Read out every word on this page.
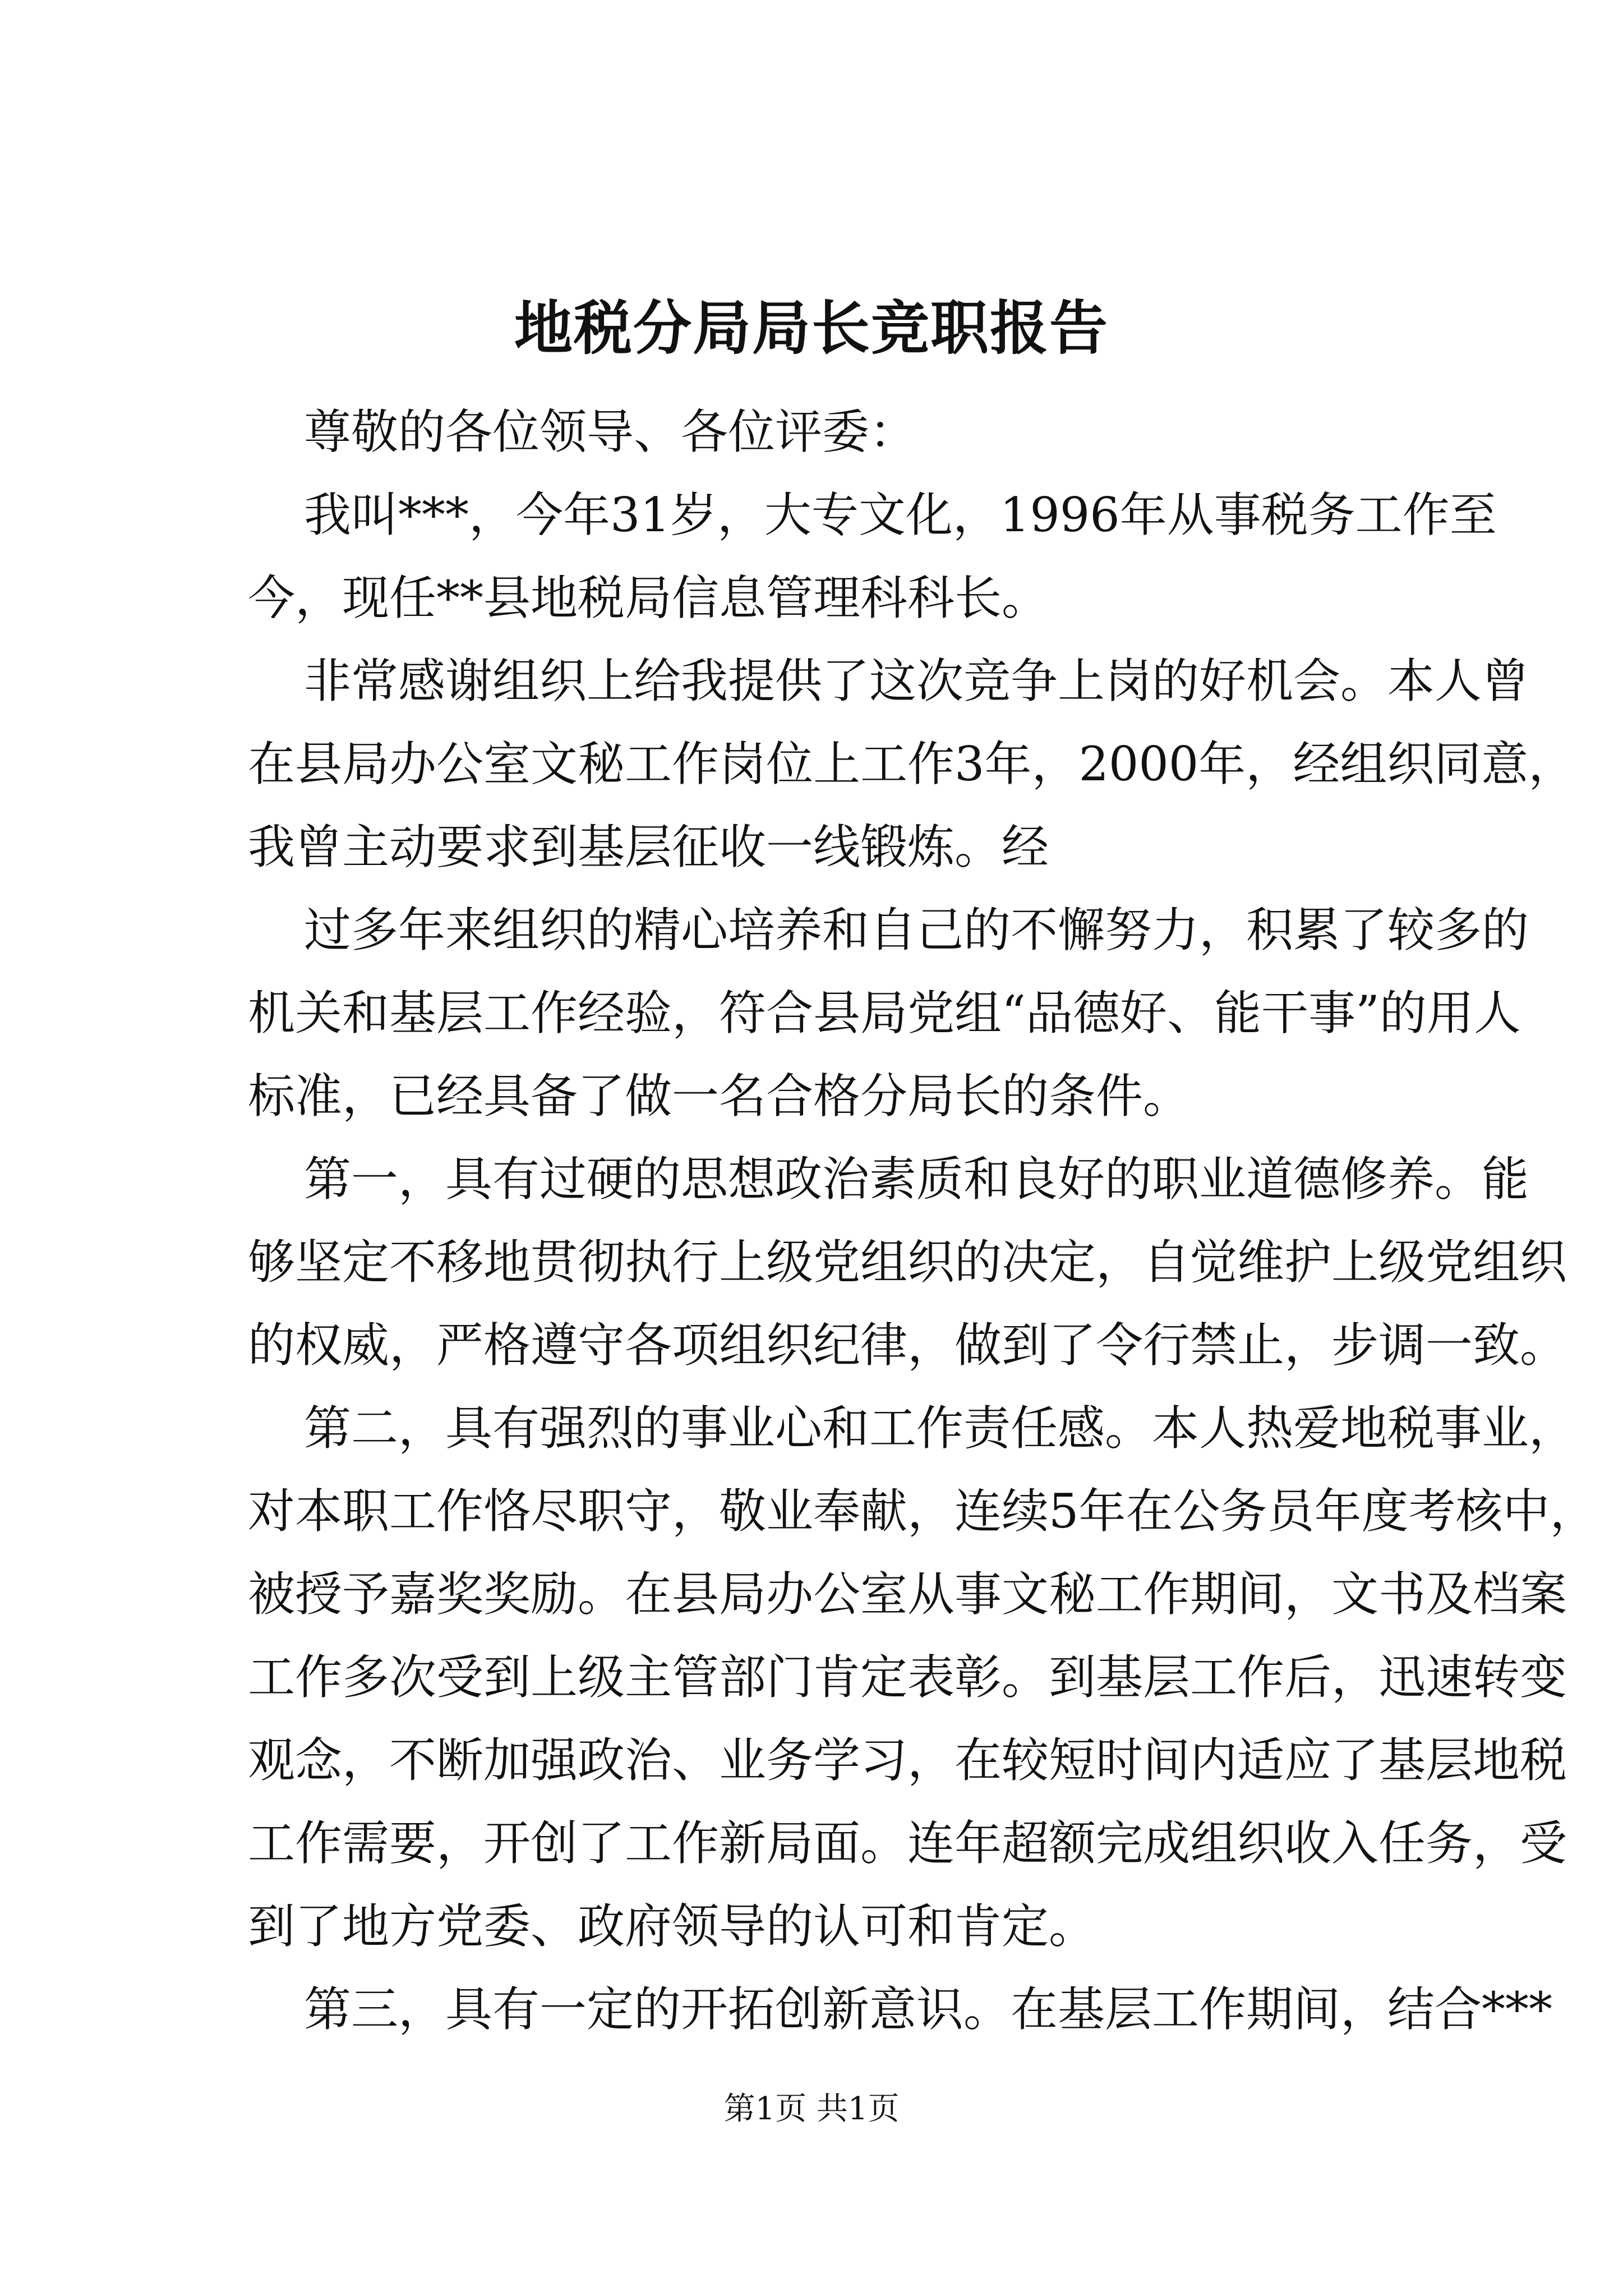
地税分局局长竞职报告
尊敬的各位领导、各位评委：
我叫***，今年31岁，大专文化，1996年从事税务工作至
今，现任**县地税局信息管理科科长。
非常感谢组织上给我提供了这次竞争上岗的好机会。本人曾
在县局办公室文秘工作岗位上工作3年，2000年，经组织同意，
我曾主动要求到基层征收一线锻炼。经
过多年来组织的精心培养和自己的不懈努力，积累了较多的
机关和基层工作经验，符合县局党组“品德好、能干事”的用人
标准，已经具备了做一名合格分局长的条件。
第一，具有过硬的思想政治素质和良好的职业道德修养。能
够坚定不移地贯彻执行上级党组织的决定，自觉维护上级党组织
的权威，严格遵守各项组织纪律，做到了令行禁止，步调一致。
第二，具有强烈的事业心和工作责任感。本人热爱地税事业，
对本职工作恪尽职守，敬业奉献，连续5年在公务员年度考核中，
被授予嘉奖奖励。在县局办公室从事文秘工作期间，文书及档案
工作多次受到上级主管部门肯定表彰。到基层工作后，迅速转变
观念，不断加强政治、业务学习，在较短时间内适应了基层地税
工作需要，开创了工作新局面。连年超额完成组织收入任务，受
第1页 共1页
到了地方党委、政府领导的认可和肯定。
第三，具有一定的开拓创新意识。在基层工作期间，结合***
